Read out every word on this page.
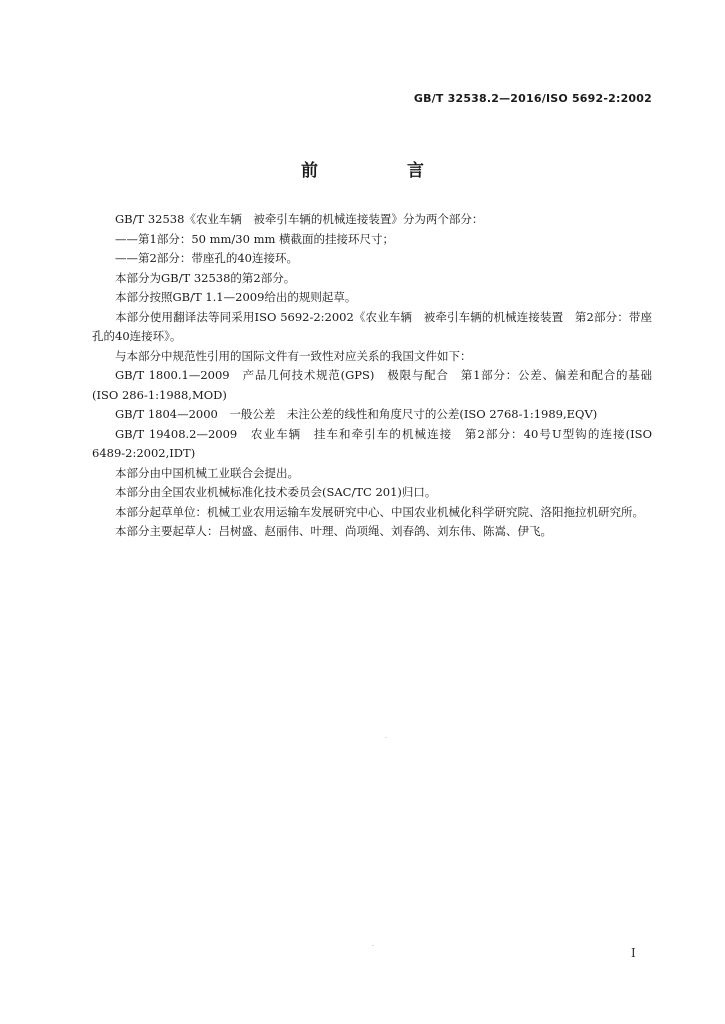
GB/T 32538.2—2016/ISO 5692-2:2002
前　言

GB/T 32538《农业车辆　被牵引车辆的机械连接装置》分为两个部分：

——第1部分：50 mm/30 mm 横截面的挂接环尺寸；

——第2部分：带座孔的40连接环。

本部分为GB/T 32538的第2部分。

本部分按照GB/T 1.1—2009给出的规则起草。

本部分使用翻译法等同采用ISO 5692-2:2002《农业车辆　被牵引车辆的机械连接装置　第2部分：带座孔的40连接环》。

与本部分中规范性引用的国际文件有一致性对应关系的我国文件如下：

GB/T 1800.1—2009　产品几何技术规范(GPS)　极限与配合　第1部分：公差、偏差和配合的基础(ISO 286-1:1988,MOD)

GB/T 1804—2000　一般公差　未注公差的线性和角度尺寸的公差(ISO 2768-1:1989,EQV)

GB/T 19408.2—2009　农业车辆　挂车和牵引车的机械连接　第2部分：40号U型钩的连接(ISO 6489-2:2002,IDT)

本部分由中国机械工业联合会提出。

本部分由全国农业机械标准化技术委员会(SAC/TC 201)归口。

本部分起草单位：机械工业农用运输车发展研究中心、中国农业机械化科学研究院、洛阳拖拉机研究所。

本部分主要起草人：吕树盛、赵丽伟、叶理、尚项绳、刘春鸽、刘东伟、陈嵩、伊飞。

.
.
I
